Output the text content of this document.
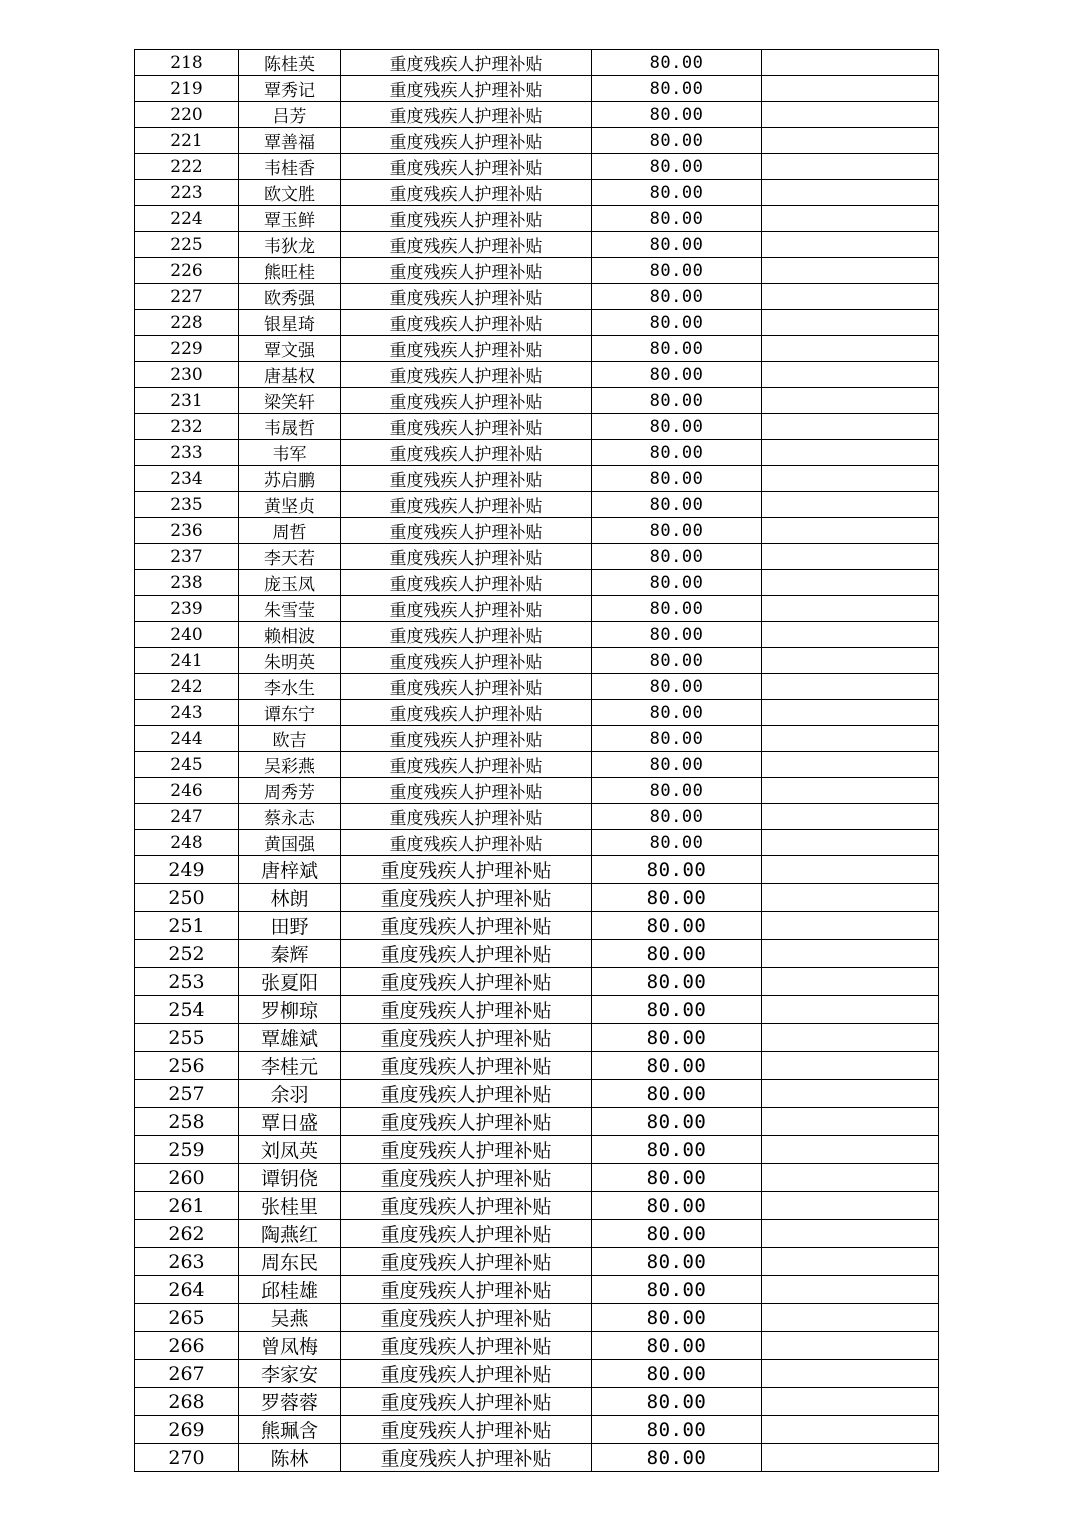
218	陈桂英	重度残疾人护理补贴	80.00	
219	覃秀记	重度残疾人护理补贴	80.00	
220	吕芳	重度残疾人护理补贴	80.00	
221	覃善福	重度残疾人护理补贴	80.00	
222	韦桂香	重度残疾人护理补贴	80.00	
223	欧文胜	重度残疾人护理补贴	80.00	
224	覃玉鲜	重度残疾人护理补贴	80.00	
225	韦狄龙	重度残疾人护理补贴	80.00	
226	熊旺桂	重度残疾人护理补贴	80.00	
227	欧秀强	重度残疾人护理补贴	80.00	
228	银星琦	重度残疾人护理补贴	80.00	
229	覃文强	重度残疾人护理补贴	80.00	
230	唐基权	重度残疾人护理补贴	80.00	
231	梁笑轩	重度残疾人护理补贴	80.00	
232	韦晟哲	重度残疾人护理补贴	80.00	
233	韦军	重度残疾人护理补贴	80.00	
234	苏启鹏	重度残疾人护理补贴	80.00	
235	黄坚贞	重度残疾人护理补贴	80.00	
236	周哲	重度残疾人护理补贴	80.00	
237	李天若	重度残疾人护理补贴	80.00	
238	庞玉凤	重度残疾人护理补贴	80.00	
239	朱雪莹	重度残疾人护理补贴	80.00	
240	赖相波	重度残疾人护理补贴	80.00	
241	朱明英	重度残疾人护理补贴	80.00	
242	李水生	重度残疾人护理补贴	80.00	
243	谭东宁	重度残疾人护理补贴	80.00	
244	欧吉	重度残疾人护理补贴	80.00	
245	吴彩燕	重度残疾人护理补贴	80.00	
246	周秀芳	重度残疾人护理补贴	80.00	
247	蔡永志	重度残疾人护理补贴	80.00	
248	黄国强	重度残疾人护理补贴	80.00	
249	唐梓斌	重度残疾人护理补贴	80.00	
250	林朗	重度残疾人护理补贴	80.00	
251	田野	重度残疾人护理补贴	80.00	
252	秦辉	重度残疾人护理补贴	80.00	
253	张夏阳	重度残疾人护理补贴	80.00	
254	罗柳琼	重度残疾人护理补贴	80.00	
255	覃雄斌	重度残疾人护理补贴	80.00	
256	李桂元	重度残疾人护理补贴	80.00	
257	余羽	重度残疾人护理补贴	80.00	
258	覃日盛	重度残疾人护理补贴	80.00	
259	刘凤英	重度残疾人护理补贴	80.00	
260	谭钥侥	重度残疾人护理补贴	80.00	
261	张桂里	重度残疾人护理补贴	80.00	
262	陶燕红	重度残疾人护理补贴	80.00	
263	周东民	重度残疾人护理补贴	80.00	
264	邱桂雄	重度残疾人护理补贴	80.00	
265	吴燕	重度残疾人护理补贴	80.00	
266	曾凤梅	重度残疾人护理补贴	80.00	
267	李家安	重度残疾人护理补贴	80.00	
268	罗蓉蓉	重度残疾人护理补贴	80.00	
269	熊珮含	重度残疾人护理补贴	80.00	
270	陈林	重度残疾人护理补贴	80.00	
